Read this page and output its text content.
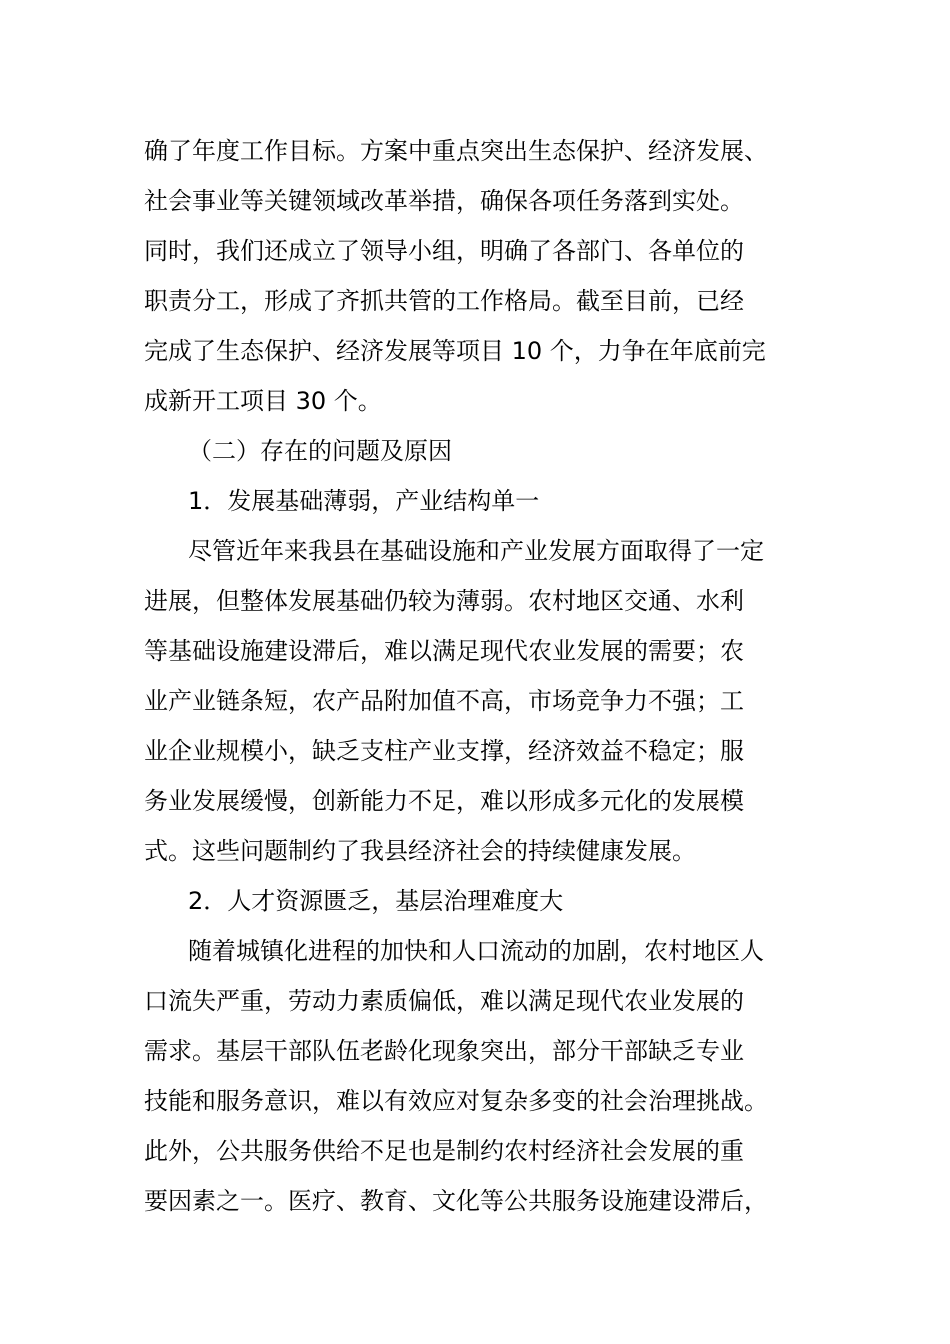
确了年度工作目标。方案中重点突出生态保护、经济发展、
社会事业等关键领域改革举措，确保各项任务落到实处。
同时，我们还成立了领导小组，明确了各部门、各单位的
职责分工，形成了齐抓共管的工作格局。截至目前，已经
完成了生态保护、经济发展等项目 10 个，力争在年底前完
成新开工项目 30 个。
（二）存在的问题及原因
1．发展基础薄弱，产业结构单一
尽管近年来我县在基础设施和产业发展方面取得了一定
进展，但整体发展基础仍较为薄弱。农村地区交通、水利
等基础设施建设滞后，难以满足现代农业发展的需要；农
业产业链条短，农产品附加值不高，市场竞争力不强；工
业企业规模小，缺乏支柱产业支撑，经济效益不稳定；服
务业发展缓慢，创新能力不足，难以形成多元化的发展模
式。这些问题制约了我县经济社会的持续健康发展。
2．人才资源匮乏，基层治理难度大
随着城镇化进程的加快和人口流动的加剧，农村地区人
口流失严重，劳动力素质偏低，难以满足现代农业发展的
需求。基层干部队伍老龄化现象突出，部分干部缺乏专业
技能和服务意识，难以有效应对复杂多变的社会治理挑战。
此外，公共服务供给不足也是制约农村经济社会发展的重
要因素之一。医疗、教育、文化等公共服务设施建设滞后，
